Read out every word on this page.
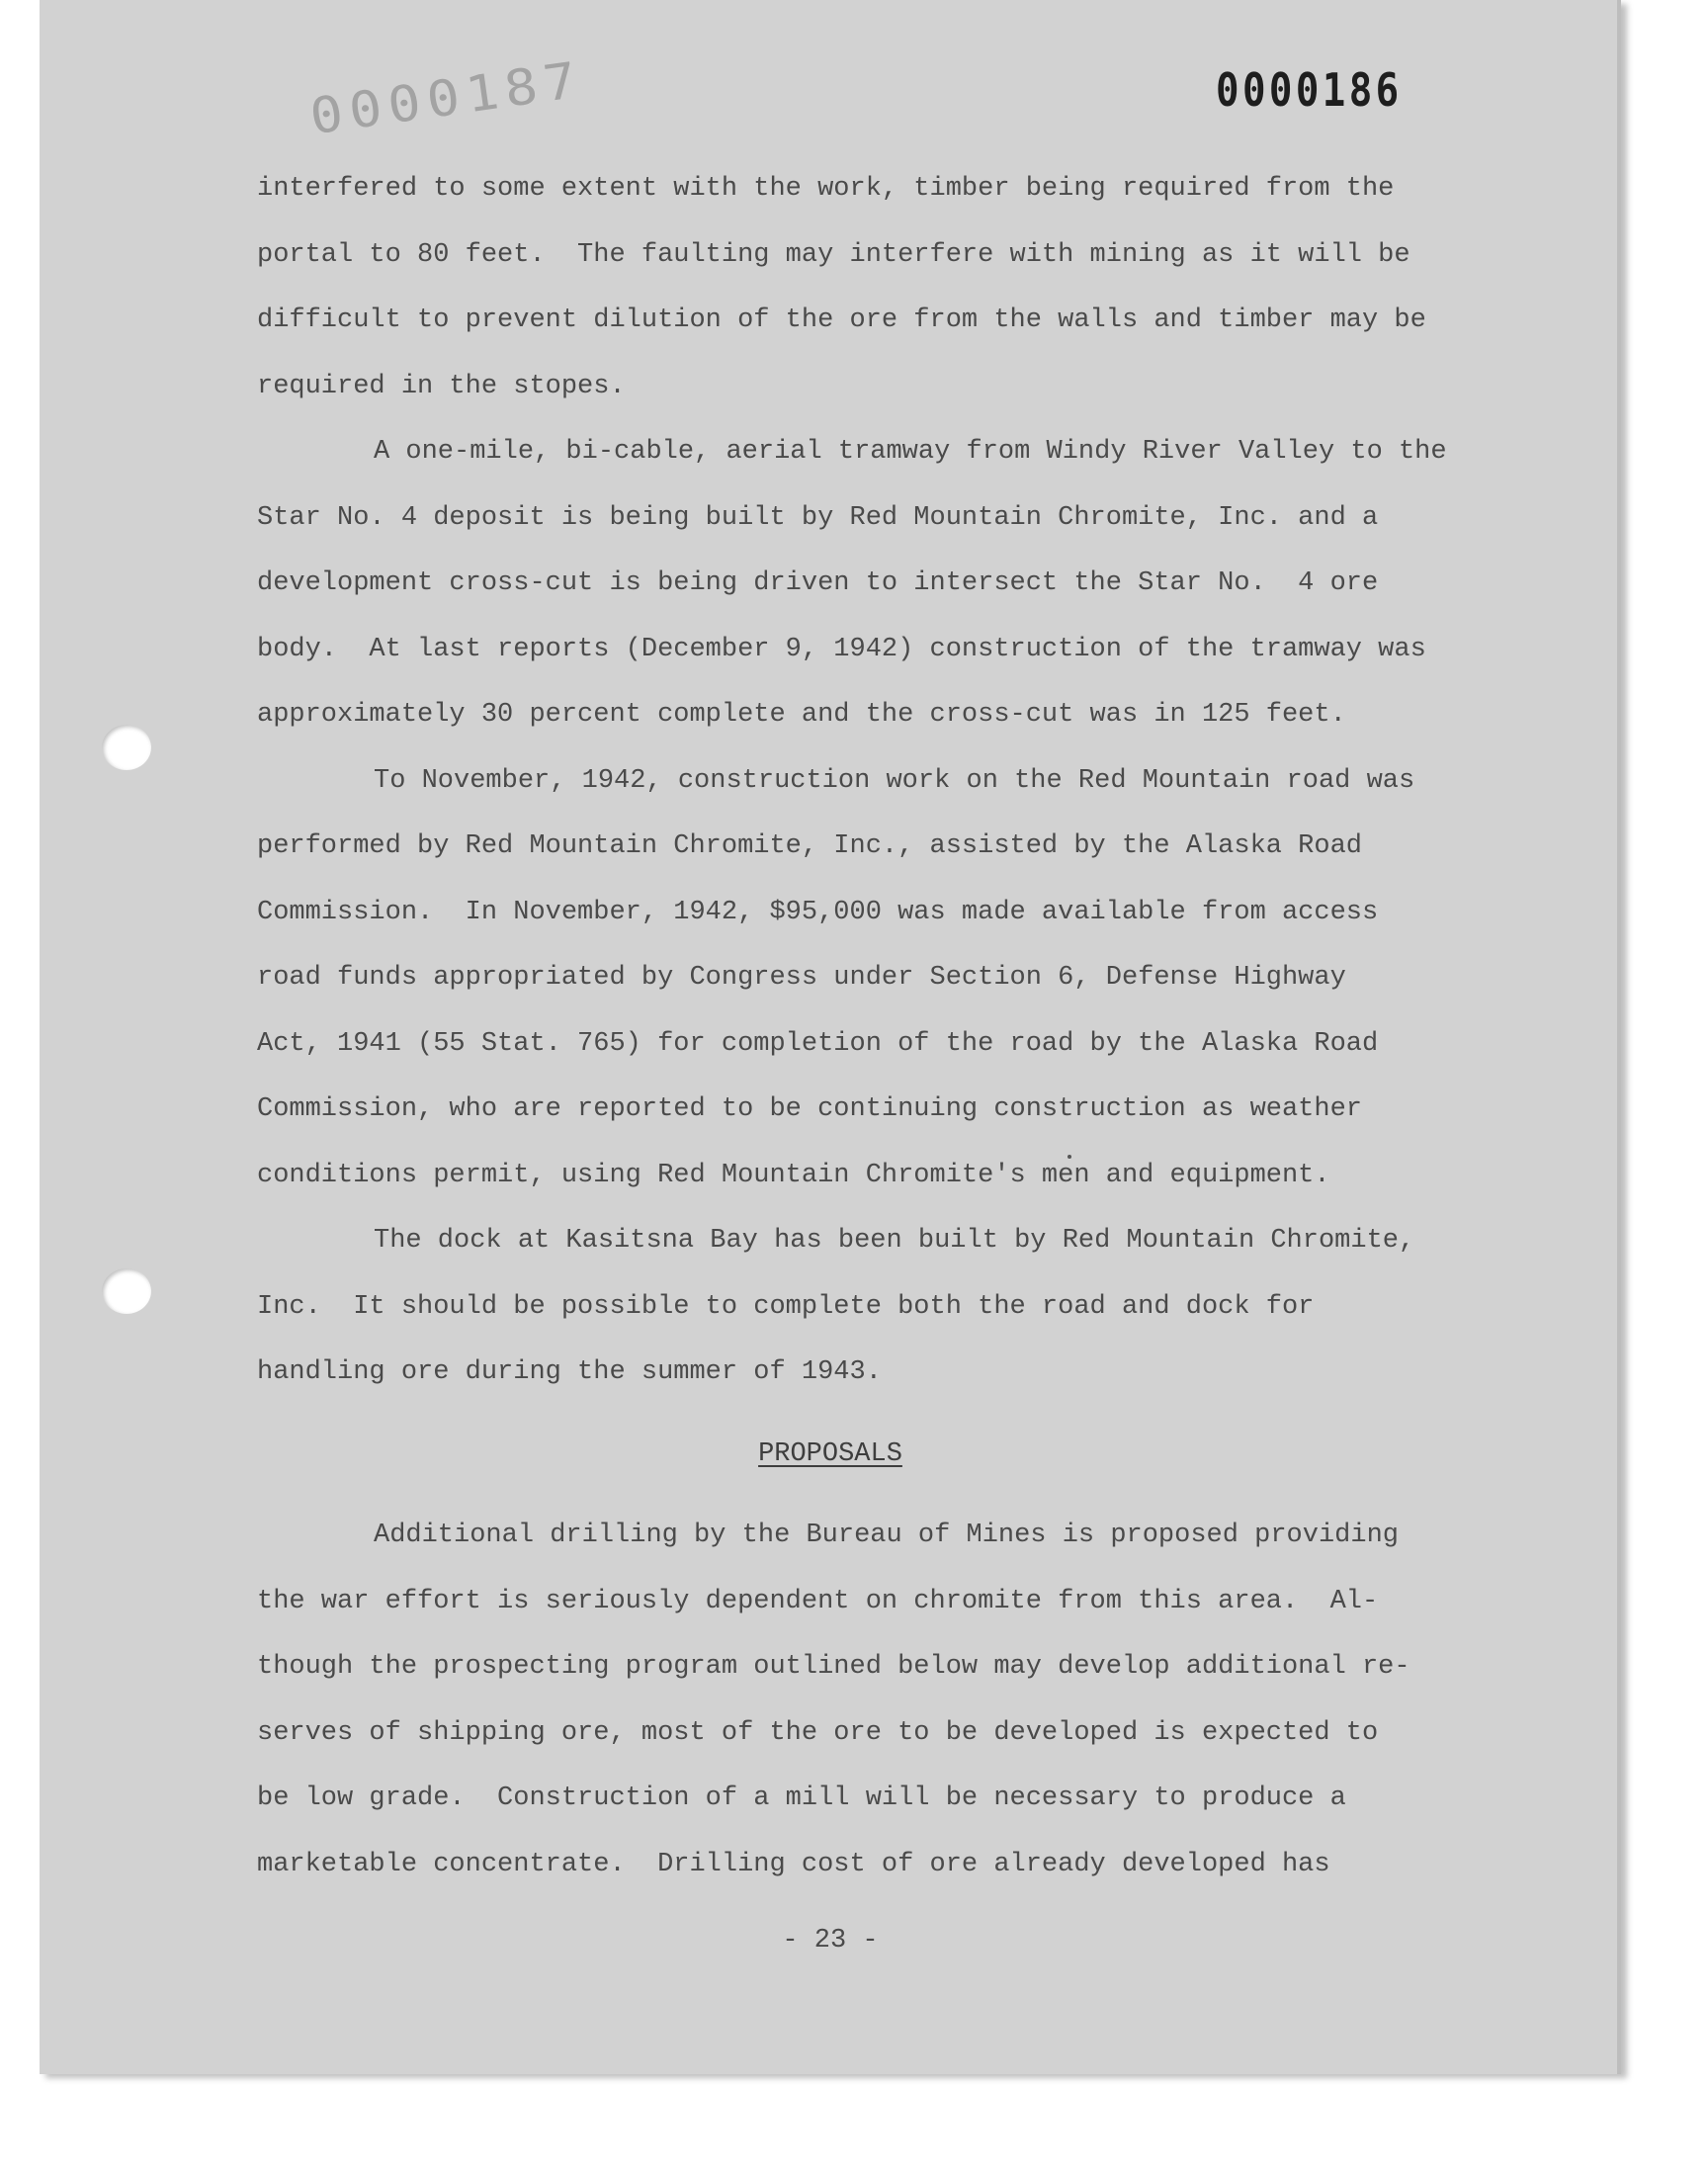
0000186
0000187
interfered to some extent with the work, timber being required from the
portal to 80 feet.  The faulting may interfere with mining as it will be
difficult to prevent dilution of the ore from the walls and timber may be
required in the stopes.
A one-mile, bi-cable, aerial tramway from Windy River Valley to the
Star No. 4 deposit is being built by Red Mountain Chromite, Inc. and a
development cross-cut is being driven to intersect the Star No.  4 ore
body.  At last reports (December 9, 1942) construction of the tramway was
approximately 30 percent complete and the cross-cut was in 125 feet.
To November, 1942, construction work on the Red Mountain road was
performed by Red Mountain Chromite, Inc., assisted by the Alaska Road
Commission.  In November, 1942, $95,000 was made available from access
road funds appropriated by Congress under Section 6, Defense Highway
Act, 1941 (55 Stat. 765) for completion of the road by the Alaska Road
Commission, who are reported to be continuing construction as weather
conditions permit, using Red Mountain Chromite's men and equipment.
The dock at Kasitsna Bay has been built by Red Mountain Chromite,
Inc.  It should be possible to complete both the road and dock for
handling ore during the summer of 1943.
PROPOSALS
Additional drilling by the Bureau of Mines is proposed providing
the war effort is seriously dependent on chromite from this area.  Al-
though the prospecting program outlined below may develop additional re-
serves of shipping ore, most of the ore to be developed is expected to
be low grade.  Construction of a mill will be necessary to produce a
marketable concentrate.  Drilling cost of ore already developed has
- 23 -
